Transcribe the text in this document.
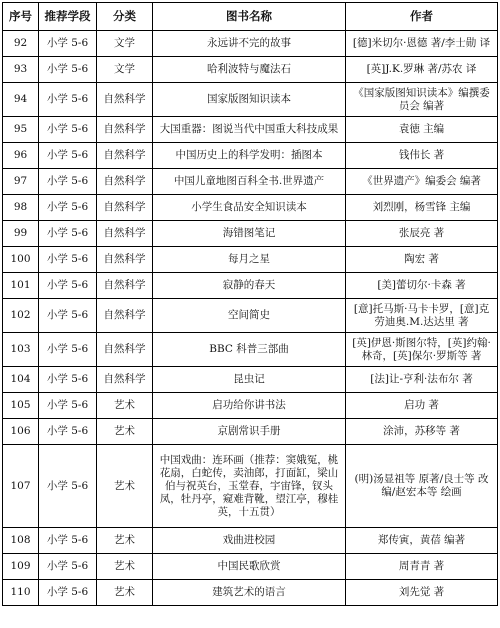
序号	推荐学段	分类	图书名称	作者
92	小学 5-6	文学	永远讲不完的故事	[德]米切尔·恩德 著/李士勋 译
93	小学 5-6	文学	哈利波特与魔法石	[英]J.K.罗琳 著/苏农 译
94	小学 5-6	自然科学	国家版图知识读本	《国家版图知识读本》编撰委员会 编著
95	小学 5-6	自然科学	大国重器：图说当代中国重大科技成果	袁徳 主编
96	小学 5-6	自然科学	中国历史上的科学发明：插图本	钱伟长 著
97	小学 5-6	自然科学	中国儿童地图百科全书.世界遗产	《世界遗产》编委会 编著
98	小学 5-6	自然科学	小学生食品安全知识读本	刘烈刚，杨雪锋 主编
99	小学 5-6	自然科学	海错图笔记	张辰亮 著
100	小学 5-6	自然科学	每月之星	陶宏 著
101	小学 5-6	自然科学	寂静的春天	[美]蕾切尔·卡森 著
102	小学 5-6	自然科学	空间简史	[意]托马斯·马卡卡罗，[意]克劳迪奥.M.达达里 著
103	小学 5-6	自然科学	BBC 科普三部曲	[英]伊恩·斯图尔特，[英]约翰·林奇，[英]保尔·罗斯等 著
104	小学 5-6	自然科学	昆虫记	[法]让-亨利·法布尔 著
105	小学 5-6	艺术	启功给你讲书法	启功 著
106	小学 5-6	艺术	京剧常识手册	涂沛，苏移等 著
107	小学 5-6	艺术	中国戏曲：连环画（推荐：窦娥冤，桃花扇，白蛇传，卖油郎，打面缸，梁山伯与祝英台，玉堂春，宇宙锋，钗头凤，牡丹亭，窥难背靴，望江亭，穆桂英，十五贯）	(明)汤显祖等 原著/良士等 改编/赵宏本等 绘画
108	小学 5-6	艺术	戏曲进校园	郑传寅，黄蓓 编著
109	小学 5-6	艺术	中国民歌欣赏	周青青 著
110	小学 5-6	艺术	建筑艺术的语言	刘先觉 著
